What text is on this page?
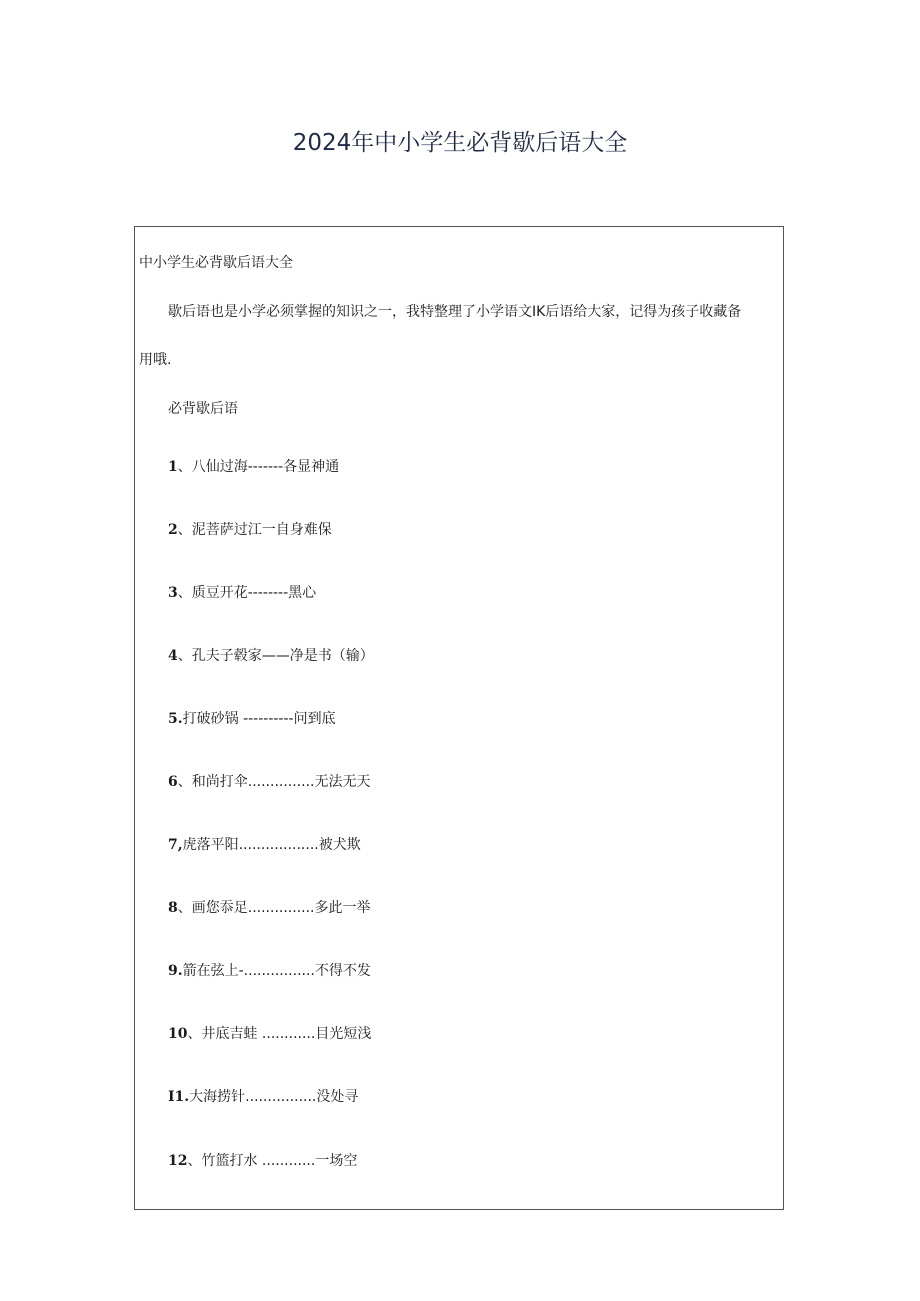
2024年中小学生必背歇后语大全
中小学生必背歇后语大全
歇后语也是小学必须掌握的知识之一，我特整理了小学语文IK后语给大家，记得为孩子收藏备
用哦.
必背歇后语
1、八仙过海-------各显神通
2、泥菩萨过江一自身难保
3、质豆开花--------黑心
4、孔夫子毂家——净是书（输）
5.打破砂锅 ----------问到底
6、和尚打伞...............无法无天
7,虎落平阳..................被犬欺
8、画您忝足...............多此一举
9.箭在弦上-................不得不发
10、井底吉蛙 ............目光短浅
I1.大海捞针................没处寻
12、竹篮打水 ............一场空
